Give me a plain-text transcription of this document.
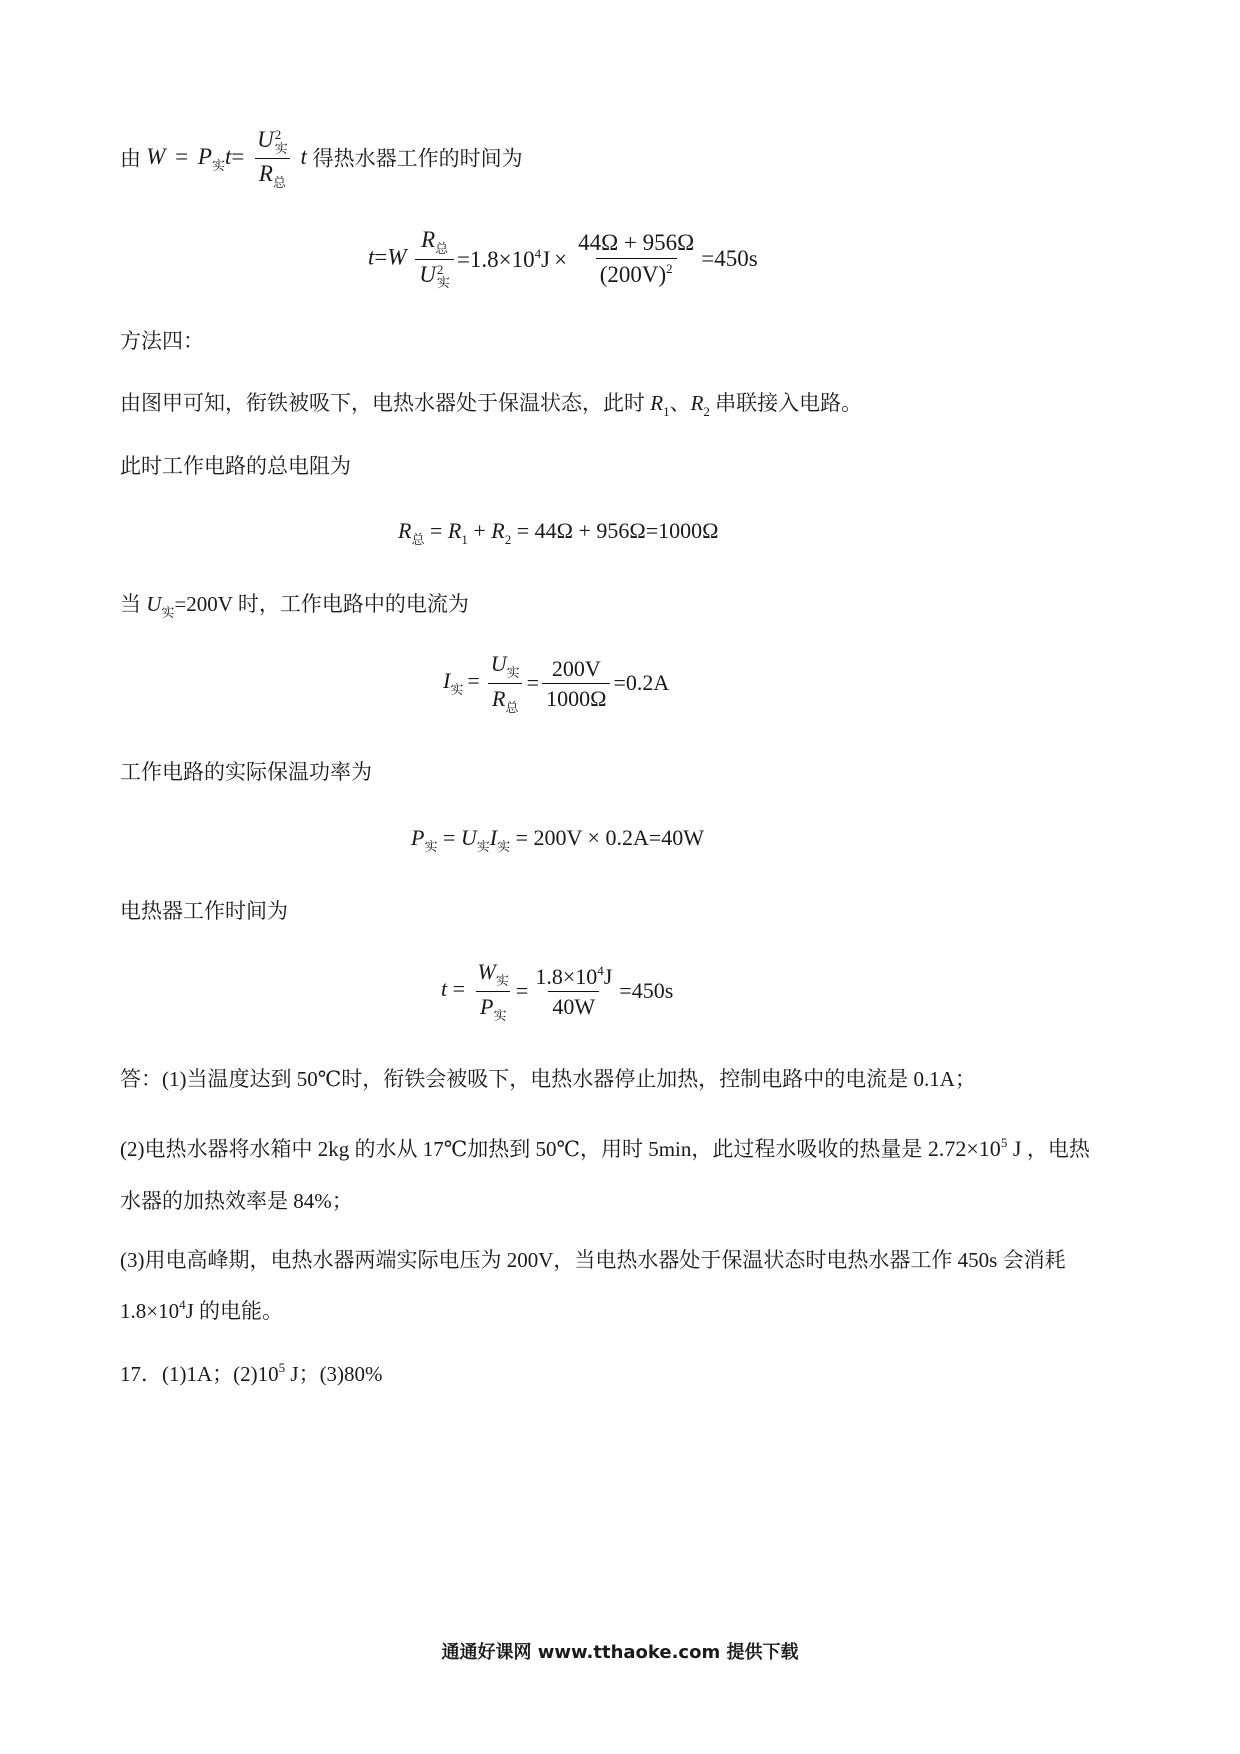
由 $W = P_实t= U$ 2
实
$R_总$ t 得热水器工作的时间为
t=W $R_总$
U 2
实 $=1.8\times 10^4J \times \frac{44\Omega + 956\Omega}{(200V)^2} =450s$
方法四：
由图甲可知，衔铁被吸下，电热水器处于保温状态，此时 $R_1$、$R_2$ 串联接入电路。
此时工作电路的总电阻为
$R_总 = R_1 + R_2 = 44\Omega + 956\Omega=1000\Omega$
当 $U_实=200V$ 时，工作电路中的电流为
$I_实 = \frac{U_实}{R_总} = \frac{200V}{1000\Omega} =0.2A$
工作电路的实际保温功率为
$P_实 = U_实I_实 = 200V \times 0.2A=40W$
电热器工作时间为
$t = \frac{W_实}{P_实} = \frac{1.8\times 10^4J}{40W} =450s$
答：(1)当温度达到 50℃时，衔铁会被吸下，电热水器停止加热，控制电路中的电流是 0.1A；
(2)电热水器将水箱中 2kg 的水从 17℃加热到 50℃，用时 5min，此过程水吸收的热量是 $2.72\times 10^5$ J ，电热
水器的加热效率是 84%；
(3)用电高峰期，电热水器两端实际电压为 200V，当电热水器处于保温状态时电热水器工作 450s 会消耗
$1.8\times 10^4J$ 的电能。
17．(1)1A；$(2)10^5$ J；(3)80%
通通好课网 www.tthaoke.com 提供下载
